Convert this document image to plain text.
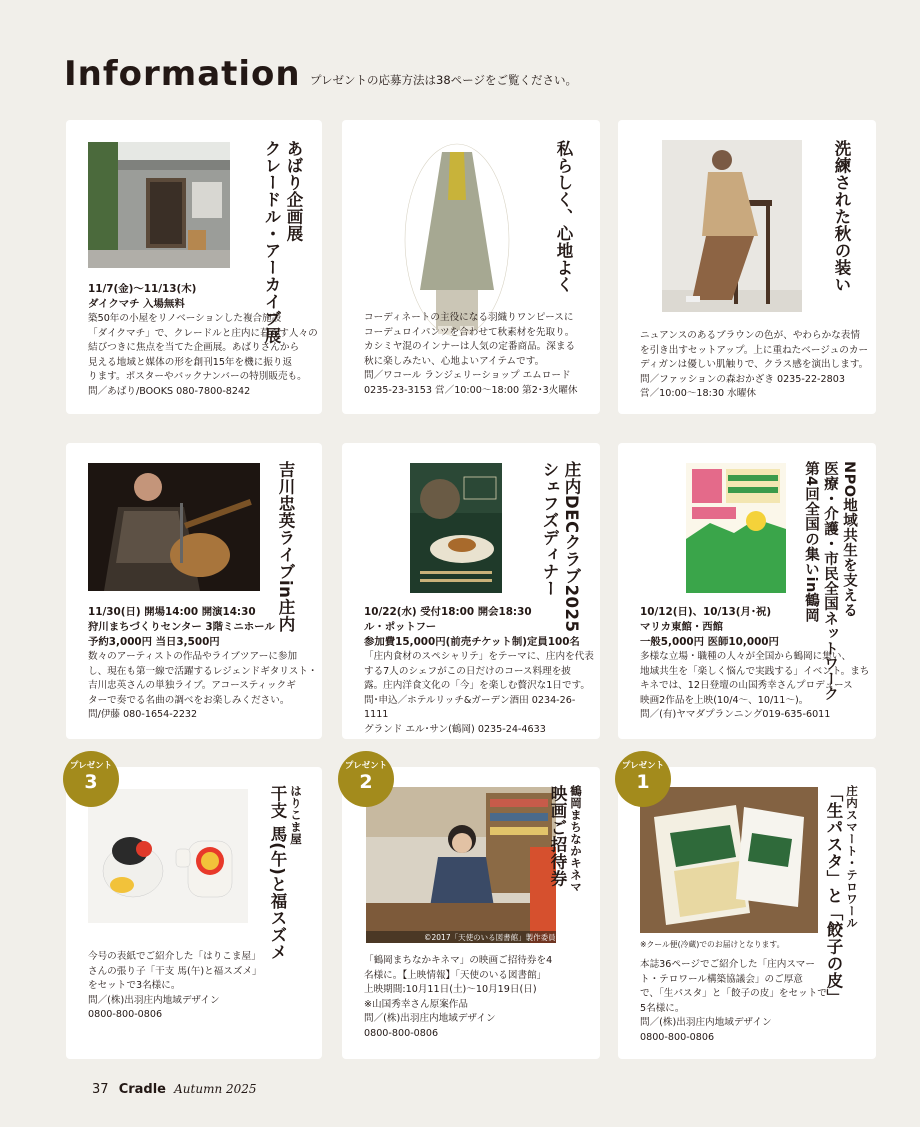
Information プレゼントの応募方法は38ページをご覧ください。
あばり企画展
クレードル・アーカイブ展

11/7(金)〜11/13(木)

ダイクマチ 入場無料

築50年の小屋をリノベーションした複合施設

「ダイクマチ」で、クレードルと庄内に暮らす人々の

結びつきに焦点を当てた企画展。あばりさんから

見える地域と媒体の形を創刊15年を機に振り返

ります。ポスターやバックナンバーの特別販売も。

問／あばり/BOOKS 080-7800-8242

私らしく、心地よく

コーディネートの主役になる羽織りワンピースに

コーデュロイパンツを合わせて秋素材を先取り。

カシミヤ混のインナーは人気の定番商品。深まる

秋に楽しみたい、心地よいアイテムです。

問／ワコール ランジェリーショップ エムロード

0235-23-3153 営／10:00〜18:00 第2･3火曜休

洗練された秋の装い

ニュアンスのあるブラウンの色が、やわらかな表情

を引き出すセットアップ。上に重ねたベージュのカー

ディガンは優しい肌触りで、クラス感を演出します。

問／ファッションの森おかざき 0235-22-2803

営／10:00〜18:30 水曜休

吉川忠英ライブin庄内

11/30(日) 開場14:00 開演14:30

狩川まちづくりセンター 3階ミニホール

予約3,000円 当日3,500円

数々のアーティストの作品やライブツアーに参加

し、現在も第一線で活躍するレジェンドギタリスト・

吉川忠英さんの単独ライブ。アコースティックギ

ターで奏でる名曲の調べをお楽しみください。

問/伊藤 080-1654-2232

庄内DECクラブ2025
シェフズディナー

10/22(水) 受付18:00 開会18:30

ル・ポットフー

参加費15,000円(前売チケット制)定員100名

「庄内食材のスペシャリテ」をテーマに、庄内を代表

する7人のシェフがこの日だけのコース料理を披

露。庄内洋食文化の「今」を楽しむ贅沢な1日です。

問･申込／ホテルリッチ&ガーデン酒田 0234-26-1111

グランド エル･サン(鶴岡) 0235-24-4633

NPO地域共生を支える
医療・介護・市民全国ネットワーク
第4回全国の集いin鶴岡

10/12(日)、10/13(月･祝)

マリカ東館・西館

一般5,000円 医師10,000円

多様な立場・職種の人々が全国から鶴岡に集い、

地域共生を「楽しく悩んで実践する」イベント。まち

キネでは、12日登壇の山国秀幸さんプロデュース

映画2作品を上映(10/4〜、10/11〜)。

問／(有)ヤマダプランニング019-635-6011

はりこま屋
干支 馬(午)と福スズメ

今号の表紙でご紹介した「はりこま屋」

さんの張り子「干支 馬(午)と福スズメ」

をセットで3名様に。

問／(株)出羽庄内地域デザイン

0800-800-0806

プレゼント
3
©2017「天使のいる図書館」製作委員会
鶴岡まちなかキネマ
映画ご招待券

「鶴岡まちなかキネマ」の映画ご招待券を4

名様に。【上映情報】「天使のいる図書館」

上映期間:10月11日(土)〜10月19日(日)

※山国秀幸さん原案作品

問／(株)出羽庄内地域デザイン

0800-800-0806

プレゼント
2
※クール便(冷蔵)でのお届けとなります。
庄内スマート・テロワール
「生パスタ」と「餃子の皮」

本誌36ページでご紹介した「庄内スマー

ト・テロワール構築協議会」のご厚意

で、「生パスタ」と「餃子の皮」をセットで

5名様に。

問／(株)出羽庄内地域デザイン

0800-800-0806

プレゼント
1
37 Cradle Autumn 2025
